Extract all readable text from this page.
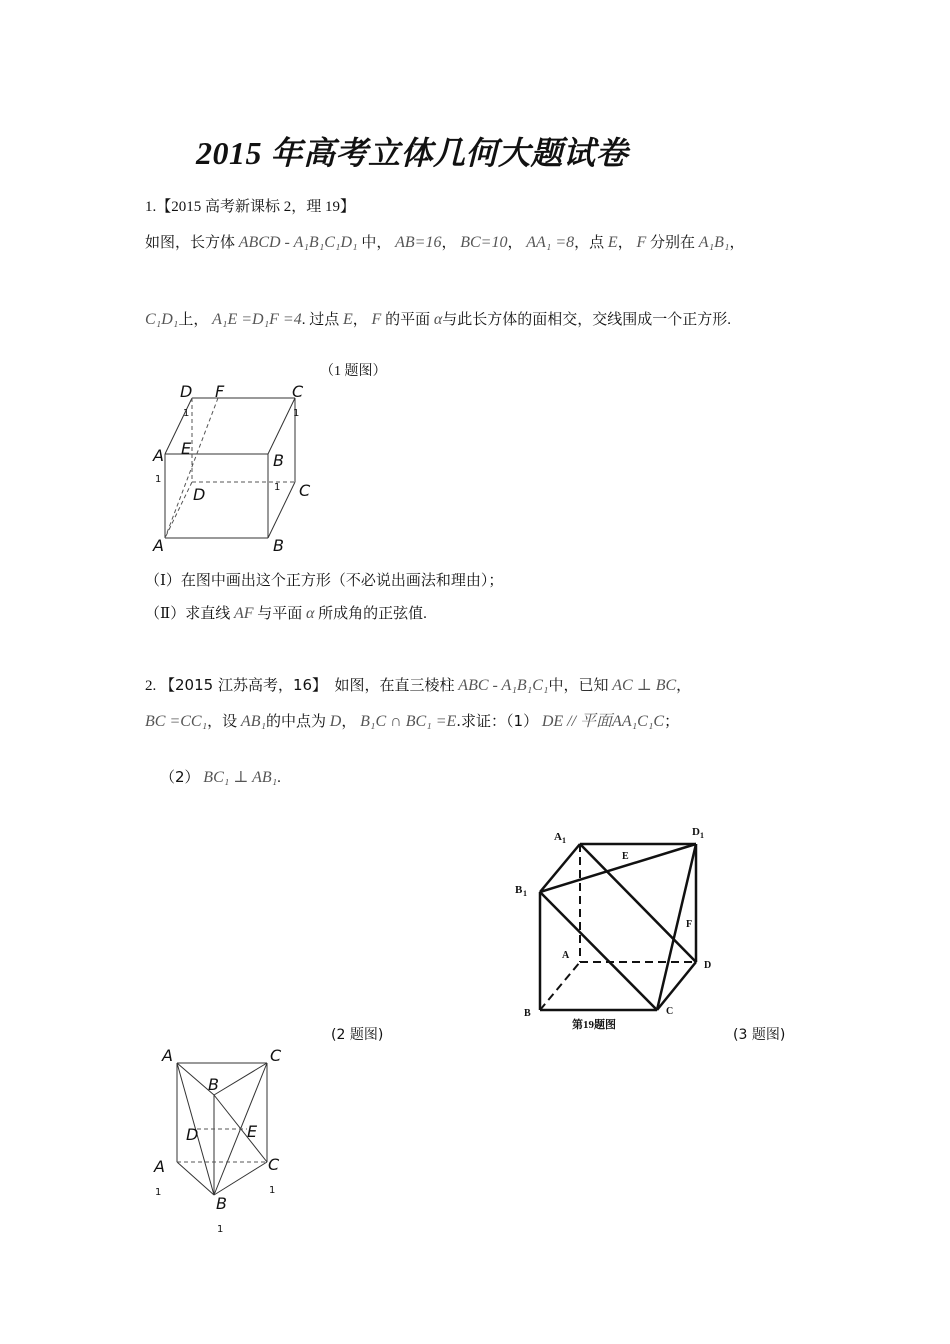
2015 年高考立体几何大题试卷
1.【2015 高考新课标 2，理 19】
如图，长方体 ABCD - A₁B₁C₁D₁ 中， AB=16， BC=10， AA₁ =8，点 E， F 分别在 A₁B₁，
C₁D₁上， A₁E =D₁F =4. 过点 E， F 的平面 α与此长方体的面相交，交线围成一个正方形.
（1 题图）
D
1
F	C
1
E
A
1
B
1
D	C
A	B
（Ⅰ）在图中画出这个正方形（不必说出画法和理由）；
（Ⅱ）求直线 AF 与平面 α 所成角的正弦值.
2. 【2015 江苏高考，16】 如图，在直三棱柱 ABC - A₁B₁C₁中，已知 AC ⊥ BC，
BC =CC₁，设 AB₁的中点为 D， B₁C ∩ BC₁ =E.求证：（1） DE // 平面AA₁C₁C；
（2） BC₁ ⊥ AB₁.
A 1
D 1
E
B 1
F
A
D
B	C
第19题图
(2 题图)	(3 题图)
A	C
B
D	E
A
1
C
1
B
1
